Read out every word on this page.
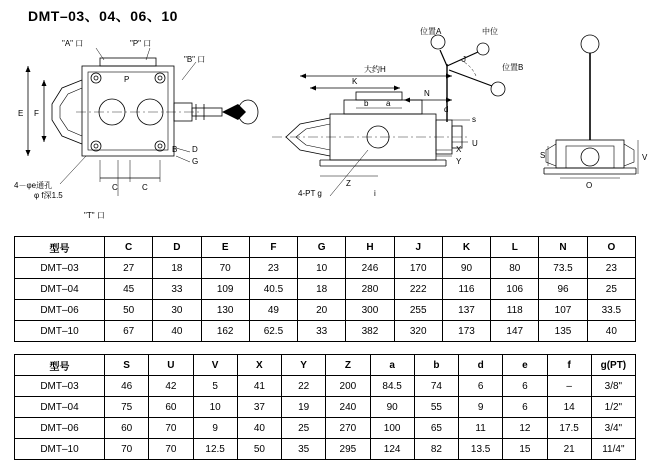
DMT–03、04、06、10
"A" 口	"P" 口
"B" 口
"T" 口
4－φe通孔
φ f深1.5
E F
C	C
P
B D
G
位置A	中位
位置B
4-PT g
大约H
K
N
J
b a
s
U
X
Y
Z
i
d
O
V
S
型号	C	D	E	F	G	H	J	K	L	N	O
DMT–03	27	18	70	23	10	246	170	90	80	73.5	23
DMT–04	45	33	109	40.5	18	280	222	116	106	96	25
DMT–06	50	30	130	49	20	300	255	137	118	107	33.5
DMT–10	67	40	162	62.5	33	382	320	173	147	135	40
型号	S	U	V	X	Y	Z	a	b	d	e	f	g(PT)
DMT–03	46	42	5	41	22	200	84.5	74	6	6	–	3/8"
DMT–04	75	60	10	37	19	240	90	55	9	6	14	1/2"
DMT–06	60	70	9	40	25	270	100	65	11	12	17.5	3/4"
DMT–10	70	70	12.5	50	35	295	124	82	13.5	15	21	11/4"
